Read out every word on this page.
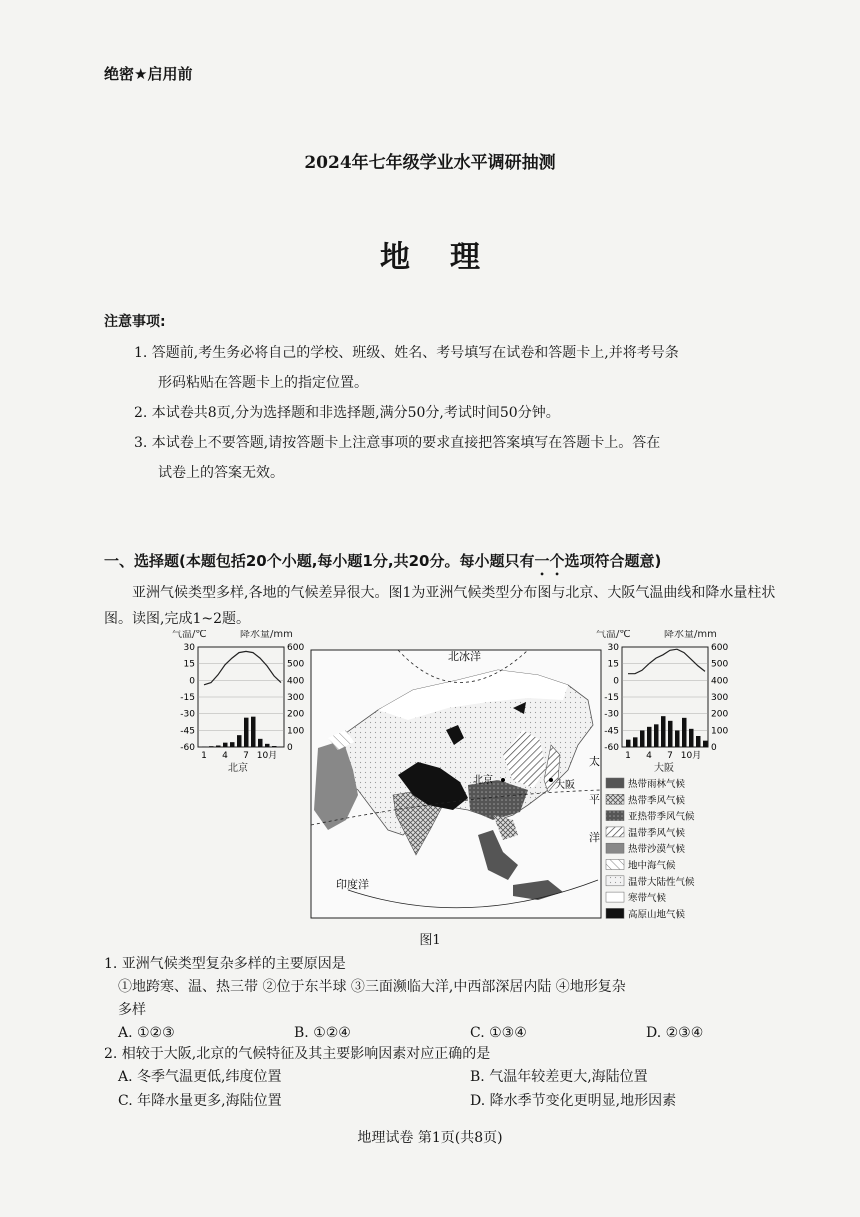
绝密★启用前
2024年七年级学业水平调研抽测
地理
注意事项:
1. 答题前,考生务必将自己的学校、班级、姓名、考号填写在试卷和答题卡上,并将考号条
形码粘贴在答题卡上的指定位置。
2. 本试卷共8页,分为选择题和非选择题,满分50分,考试时间50分钟。
3. 本试卷上不要答题,请按答题卡上注意事项的要求直接把答案填写在答题卡上。答在
试卷上的答案无效。
一、选择题(本题包括20个小题,每小题1分,共20分。每小题只有一个选项符合题意)
亚洲气候类型多样,各地的气候差异很大。图1为亚洲气候类型分布图与北京、大阪气温曲线和降水量柱状图。读图,完成1~2题。
气温/℃	降水量/mm
30
15
0
-15
-30
-45
-60
600
500
400
300
200
100
0
1 4 7 10月
北京
北京	大阪
北冰洋
印度洋
太
平
洋
气温/℃	降水量/mm
30
15
0
-15
-30
-45
-60
600
500
400
300
200
100
0
1 4 7 10月
大阪
热带雨林气候
热带季风气候
亚热带季风气候
温带季风气候
热带沙漠气候
地中海气候
温带大陆性气候
寒带气候
高原山地气候
图1
1. 亚洲气候类型复杂多样的主要原因是
①地跨寒、温、热三带 ②位于东半球 ③三面濒临大洋,中西部深居内陆 ④地形复杂
多样
A. ①②③	B. ①②④	C. ①③④	D. ②③④
2. 相较于大阪,北京的气候特征及其主要影响因素对应正确的是
A. 冬季气温更低,纬度位置	B. 气温年较差更大,海陆位置
C. 年降水量更多,海陆位置	D. 降水季节变化更明显,地形因素
地理试卷 第1页(共8页)
